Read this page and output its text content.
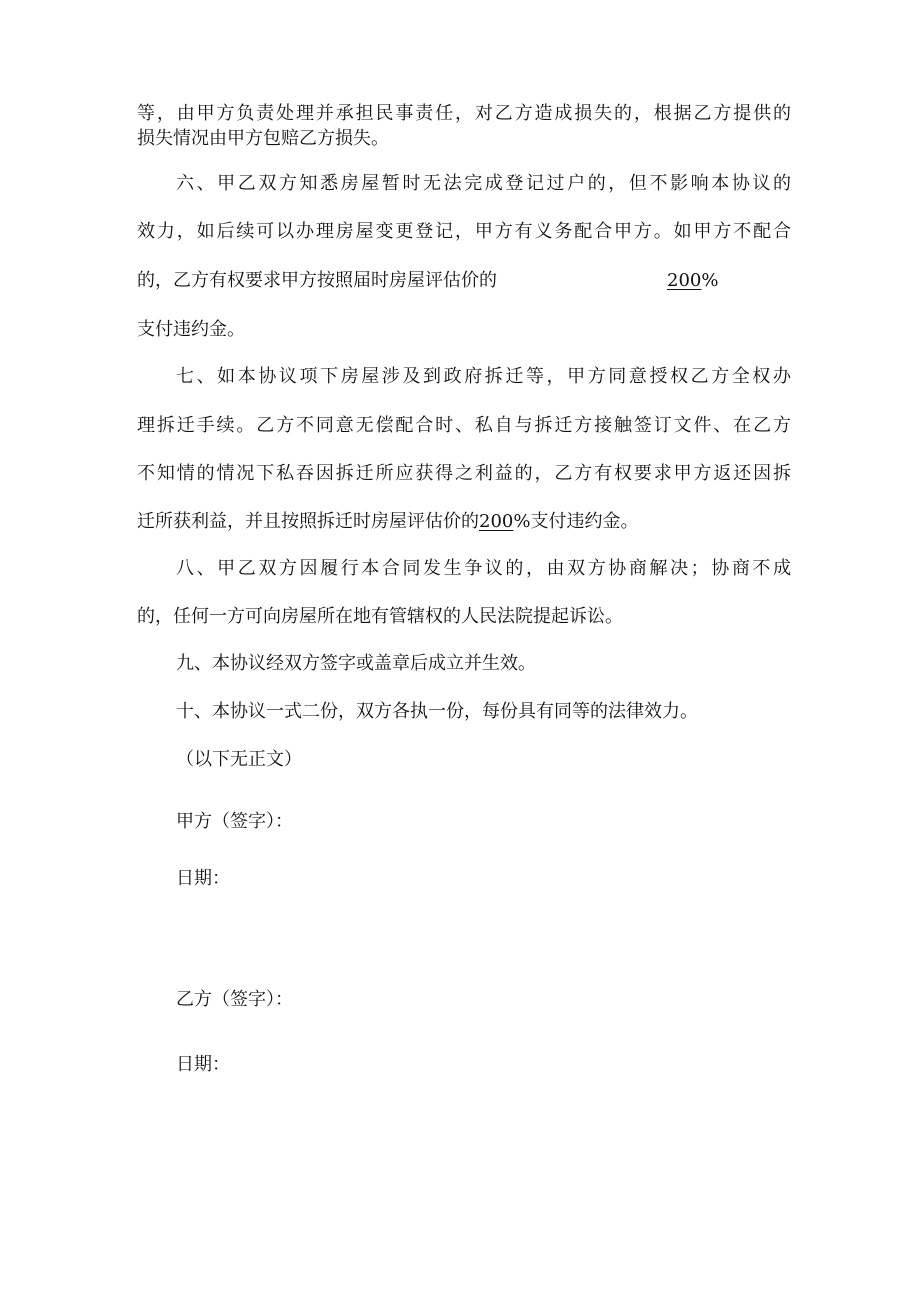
等，由甲方负责处理并承担民事责任，对乙方造成损失的，根据乙方提供的
损失情况由甲方包赔乙方损失。
六、甲乙双方知悉房屋暂时无法完成登记过户的，但不影响本协议的
效力，如后续可以办理房屋变更登记，甲方有义务配合甲方。如甲方不配合
的，乙方有权要求甲方按照届时房屋评估价的	200%
支付违约金。
七、如本协议项下房屋涉及到政府拆迁等，甲方同意授权乙方全权办
理拆迁手续。乙方不同意无偿配合时、私自与拆迁方接触签订文件、在乙方
不知情的情况下私吞因拆迁所应获得之利益的，乙方有权要求甲方返还因拆
迁所获利益，并且按照拆迁时房屋评估价的200%支付违约金。
八、甲乙双方因履行本合同发生争议的，由双方协商解决；协商不成
的，任何一方可向房屋所在地有管辖权的人民法院提起诉讼。
九、本协议经双方签字或盖章后成立并生效。
十、本协议一式二份，双方各执一份，每份具有同等的法律效力。
（以下无正文）
甲方（签字）：
日期：
乙方（签字）：
日期：
